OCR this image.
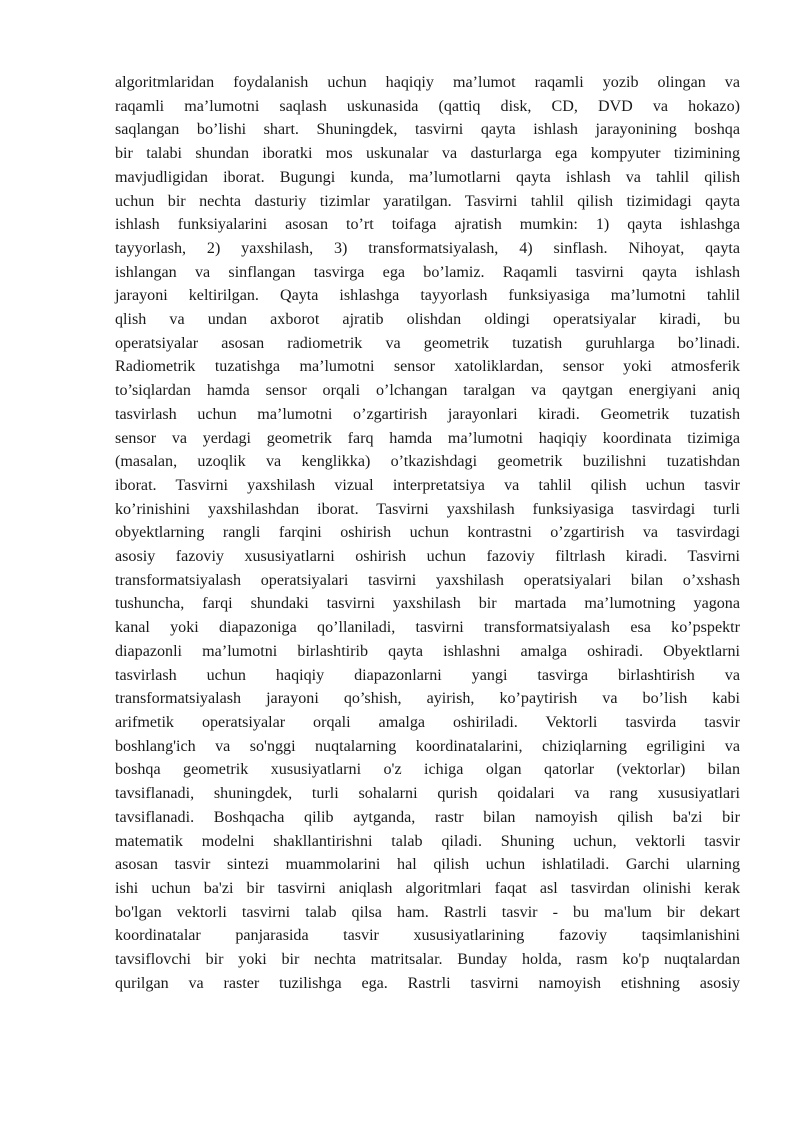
algoritmlaridan foydalanish uchun haqiqiy ma’lumot raqamli yozib olingan va
raqamli ma’lumotni saqlash uskunasida (qattiq disk, CD, DVD va hokazo)
saqlangan bo’lishi shart. Shuningdek, tasvirni qayta ishlash jarayonining boshqa
bir talabi shundan iboratki mos uskunalar va dasturlarga ega kompyuter tizimining
mavjudligidan iborat. Bugungi kunda, ma’lumotlarni qayta ishlash va tahlil qilish
uchun bir nechta dasturiy tizimlar yaratilgan. Tasvirni tahlil qilish tizimidagi qayta
ishlash funksiyalarini asosan to’rt toifaga ajratish mumkin: 1) qayta ishlashga
tayyorlash, 2) yaxshilash, 3) transformatsiyalash, 4) sinflash. Nihoyat, qayta
ishlangan va sinflangan tasvirga ega bo’lamiz. Raqamli tasvirni qayta ishlash
jarayoni keltirilgan. Qayta ishlashga tayyorlash funksiyasiga ma’lumotni tahlil
qlish va undan axborot ajratib olishdan oldingi operatsiyalar kiradi, bu
operatsiyalar asosan radiometrik va geometrik tuzatish guruhlarga bo’linadi.
Radiometrik tuzatishga ma’lumotni sensor xatoliklardan, sensor yoki atmosferik
to’siqlardan hamda sensor orqali o’lchangan taralgan va qaytgan energiyani aniq
tasvirlash uchun ma’lumotni o’zgartirish jarayonlari kiradi. Geometrik tuzatish
sensor va yerdagi geometrik farq hamda ma’lumotni haqiqiy koordinata tizimiga
(masalan, uzoqlik va kenglikka) o’tkazishdagi geometrik buzilishni tuzatishdan
iborat. Tasvirni yaxshilash vizual interpretatsiya va tahlil qilish uchun tasvir
ko’rinishini yaxshilashdan iborat. Tasvirni yaxshilash funksiyasiga tasvirdagi turli
obyektlarning rangli farqini oshirish uchun kontrastni o’zgartirish va tasvirdagi
asosiy fazoviy xususiyatlarni oshirish uchun fazoviy filtrlash kiradi. Tasvirni
transformatsiyalash operatsiyalari tasvirni yaxshilash operatsiyalari bilan o’xshash
tushuncha, farqi shundaki tasvirni yaxshilash bir martada ma’lumotning yagona
kanal yoki diapazoniga qo’llaniladi, tasvirni transformatsiyalash esa ko’pspektr
diapazonli ma’lumotni birlashtirib qayta ishlashni amalga oshiradi. Obyektlarni
tasvirlash uchun haqiqiy diapazonlarni yangi tasvirga birlashtirish va
transformatsiyalash jarayoni qo’shish, ayirish, ko’paytirish va bo’lish kabi
arifmetik operatsiyalar orqali amalga oshiriladi. Vektorli tasvirda tasvir
boshlang'ich va so'nggi nuqtalarning koordinatalarini, chiziqlarning egriligini va
boshqa geometrik xususiyatlarni o'z ichiga olgan qatorlar (vektorlar) bilan
tavsiflanadi, shuningdek, turli sohalarni qurish qoidalari va rang xususiyatlari
tavsiflanadi. Boshqacha qilib aytganda, rastr bilan namoyish qilish ba'zi bir
matematik modelni shakllantirishni talab qiladi. Shuning uchun, vektorli tasvir
asosan tasvir sintezi muammolarini hal qilish uchun ishlatiladi. Garchi ularning
ishi uchun ba'zi bir tasvirni aniqlash algoritmlari faqat asl tasvirdan olinishi kerak
bo'lgan vektorli tasvirni talab qilsa ham. Rastrli tasvir - bu ma'lum bir dekart
koordinatalar panjarasida tasvir xususiyatlarining fazoviy taqsimlanishini
tavsiflovchi bir yoki bir nechta matritsalar. Bunday holda, rasm ko'p nuqtalardan
qurilgan va raster tuzilishga ega. Rastrli tasvirni namoyish etishning asosiy
